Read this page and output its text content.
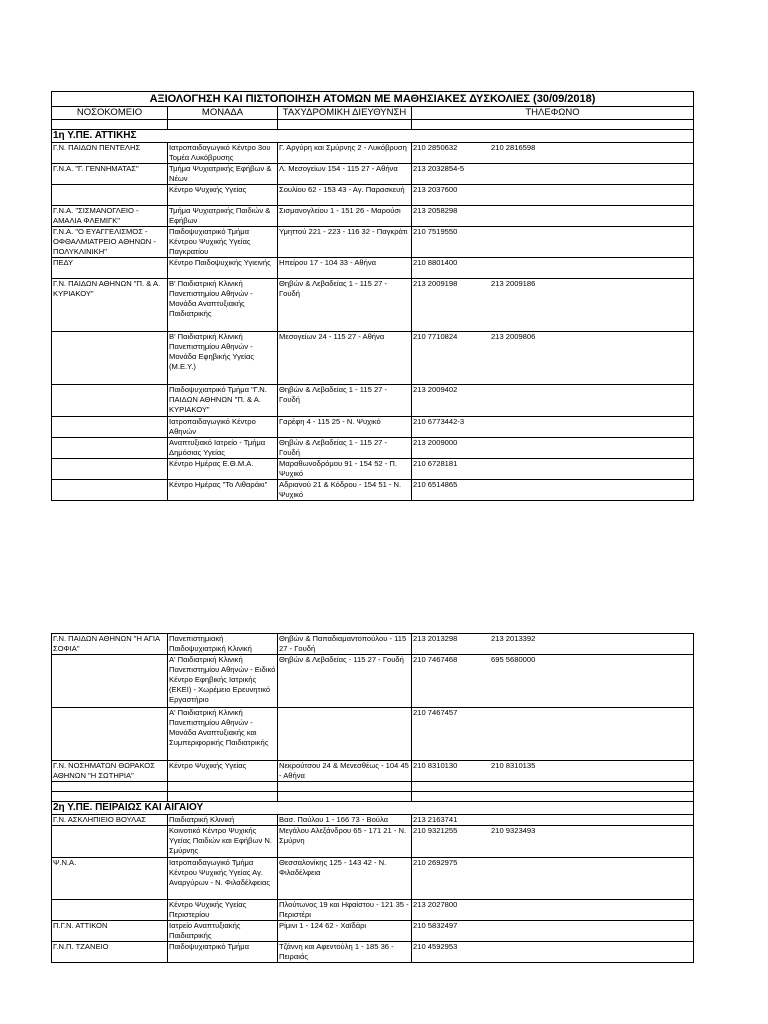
ΑΞΙΟΛΟΓΗΣΗ ΚΑΙ ΠΙΣΤΟΠΟΙΗΣΗ ΑΤΟΜΩΝ ΜΕ ΜΑΘΗΣΙΑΚΕΣ ΔΥΣΚΟΛΙΕΣ (30/09/2018)			
ΝΟΣΟΚΟΜΕΙΟ	ΜΟΝΑΔΑ	ΤΑΧΥΔΡΟΜΙΚΗ ΔΙΕΥΘΥΝΣΗ	ΤΗΛΕΦΩΝΟ

1η Υ.ΠΕ. ΑΤΤΙΚΗΣ			
Γ.Ν. ΠΑΙΔΩΝ ΠΕΝΤΕΛΗΣ	Ιατροπαιδαγωγικό Κέντρο 3ου Τομέα Λυκόβρυσης	Γ. Αργύρη και Σμύρνης 2 - Λυκόβρυση	210 2850632 210 2816598
Γ.Ν.Α. "Γ. ΓΕΝΝΗΜΑΤΑΣ"	Τμήμα Ψυχιατρικής Εφήβων & Νέων	Λ. Μεσογείων 154 - 115 27 - Αθήνα	213 2032854-5
	Κέντρο Ψυχικής Υγείας	Σουλίου 62 - 153 43 - Αγ. Παρασκευή	213 2037600
Γ.Ν.Α. "ΣΙΣΜΑΝΟΓΛΕΙΟ - ΑΜΑΛΙΑ ΦΛΕΜΙΓΚ"	Τμήμα Ψυχιατρικής Παιδιών & Εφήβων	Σισμανογλείου 1 - 151 26 - Μαρούσι	213 2058298
Γ.Ν.Α. "Ο ΕΥΑΓΓΕΛΙΣΜΟΣ - ΟΦΘΑΛΜΙΑΤΡΕΙΟ ΑΘΗΝΩΝ - ΠΟΛΥΚΛΙΝΙΚΗ"	Παιδοψυχιατρικό Τμήμα Κέντρου Ψυχικής Υγείας Παγκρατίου	Υμηττού 221 - 223 - 116 32 - Παγκράτι	210 7519550
ΠΕΔΥ	Κέντρο Παιδοψυχικής Υγιεινής	Ηπείρου 17 - 104 33 - Αθήνα	210 8801400
Γ.Ν. ΠΑΙΔΩΝ ΑΘΗΝΩΝ "Π. & Α. ΚΥΡΙΑΚΟΥ"	Β' Παιδιατρική Κλινική Πανεπιστημίου Αθηνών - Μονάδα Αναπτυξιακής Παιδιατρικής	Θηβών & Λεβαδείας 1 - 115 27 - Γουδή	213 2009198 213 2009186
	Β' Παιδιατρική Κλινική Πανεπιστημίου Αθηνών - Μονάδα Εφηβικής Υγείας (Μ.Ε.Υ.)	Μεσογείων 24 - 115 27 - Αθήνα	210 7710824 213 2009806
	Παιδοψυχιατρικό Τμήμα "Γ.Ν. ΠΑΙΔΩΝ ΑΘΗΝΩΝ "Π. & Α. ΚΥΡΙΑΚΟΥ"	Θηβών & Λεβαδείας 1 - 115 27 - Γουδή	213 2009402
	Ιατροπαιδαγωγικό Κέντρο Αθηνών	Γαρέφη 4 - 115 25 - Ν. Ψυχικό	210 6773442-3
	Αναπτυξιακό Ιατρείο - Τμήμα Δημόσιας Υγείας	Θηβών & Λεβαδείας 1 - 115 27 - Γουδή	213 2009000
	Κέντρο Ημέρας Ε.Θ.Μ.Α.	Μαραθωνοδρόμου 91 - 154 52 - Π. Ψυχικό	210 6728181
	Κέντρο Ημέρας "Το Λιθαράκι"	Αδριανού 21 & Κόδρου - 154 51 - Ν. Ψυχικό	210 6514865
Γ.Ν. ΠΑΙΔΩΝ ΑΘΗΝΩΝ "Η ΑΓΙΑ ΣΟΦΙΑ"	Πανεπιστημιακή Παιδοψυχιατρική Κλινική	Θηβών & Παπαδιαμαντοπούλου - 115 27 - Γουδή	213 2013298 213 2013392
	Α' Παιδιατρική Κλινική Πανεπιστημίου Αθηνών - Ειδικό Κέντρο Εφηβικής Ιατρικής (ΕΚΕΙ) - Χωρέμειο Ερευνητικό Εργαστήριο	Θηβών & Λεβαδείας - 115 27 - Γουδή	210 7467468 695 5680000
	Α' Παιδιατρική Κλινική Πανεπιστημίου Αθηνών - Μονάδα Αναπτυξιακής και Συμπεριφορικής Παιδιατρικής		210 7467457
Γ.Ν. ΝΟΣΗΜΑΤΩΝ ΘΩΡΑΚΟΣ ΑΘΗΝΩΝ "Η ΣΩΤΗΡΙΑ"	Κέντρο Ψυχικής Υγείας	Νεκρούτσου 24 & Μενεσθέως - 104 45 - Αθήνα	210 8310130 210 8310135

2η Υ.ΠΕ. ΠΕΙΡΑΙΩΣ ΚΑΙ ΑΙΓΑΙΟΥ			
Γ.Ν. ΑΣΚΛΗΠΙΕΙΟ ΒΟΥΛΑΣ	Παιδιατρική Κλινική	Βασ. Παύλου 1 - 166 73 - Βούλα	213 2163741
	Κοινοτικό Κέντρο Ψυχικής Υγείας Παιδιών και Εφήβων Ν. Σμύρνης	Μεγάλου Αλεξάνδρου 65 - 171 21 - Ν. Σμύρνη	210 9321255 210 9323493
Ψ.Ν.Α.	Ιατροπαιδαγωγικό Τμήμα Κέντρου Ψυχικής Υγείας Αγ. Αναργύρων - Ν. Φιλαδέλφειας	Θεσσαλονίκης 125 - 143 42 - Ν. Φιλαδέλφεια	210 2692975
	Κέντρο Ψυχικής Υγείας Περιστερίου	Πλούτωνος 19 και Ηφαίστου - 121 35 - Περιστέρι	213 2027800
Π.Γ.Ν. ΑΤΤΙΚΟΝ	Ιατρείο Αναπτυξιακής Παιδιατρικής	Ρίμινι 1 - 124 62 - Χαϊδάρι	210 5832497
Γ.Ν.Π. ΤΖΑΝΕΙΟ	Παιδοψυχιατρικό Τμήμα	Τζάννη και Αφεντούλη 1 - 185 36 - Πειραιάς	210 4592953
